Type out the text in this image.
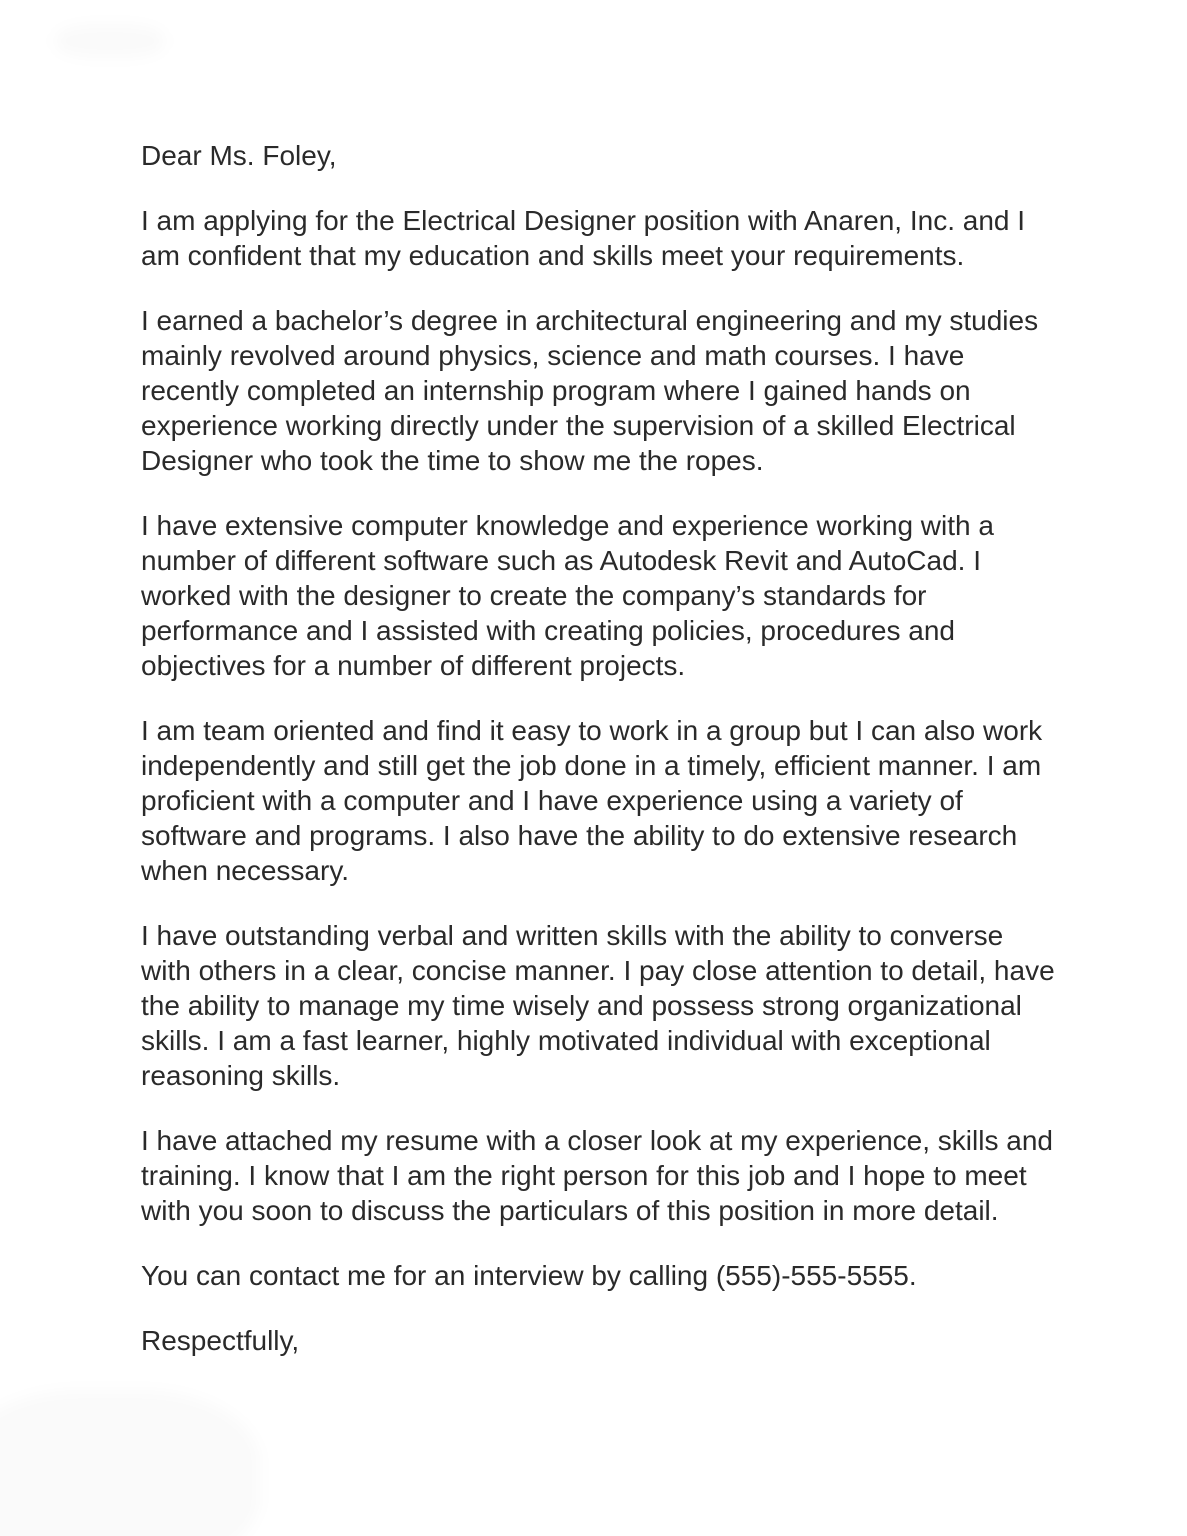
Dear Ms. Foley,

I am applying for the Electrical Designer position with Anaren, Inc. and I am confident that my education and skills meet your requirements.

I earned a bachelor’s degree in architectural engineering and my studies mainly revolved around physics, science and math courses. I have recently completed an internship program where I gained hands on experience working directly under the supervision of a skilled Electrical Designer who took the time to show me the ropes.

I have extensive computer knowledge and experience working with a number of different software such as Autodesk Revit and AutoCad. I worked with the designer to create the company’s standards for performance and I assisted with creating policies, procedures and objectives for a number of different projects.

I am team oriented and find it easy to work in a group but I can also work independently and still get the job done in a timely, efficient manner. I am proficient with a computer and I have experience using a variety of software and programs. I also have the ability to do extensive research when necessary.

I have outstanding verbal and written skills with the ability to converse with others in a clear, concise manner. I pay close attention to detail, have the ability to manage my time wisely and possess strong organizational skills. I am a fast learner, highly motivated individual with exceptional reasoning skills.

I have attached my resume with a closer look at my experience, skills and training. I know that I am the right person for this job and I hope to meet with you soon to discuss the particulars of this position in more detail.

You can contact me for an interview by calling (555)-555-5555.

Respectfully,
